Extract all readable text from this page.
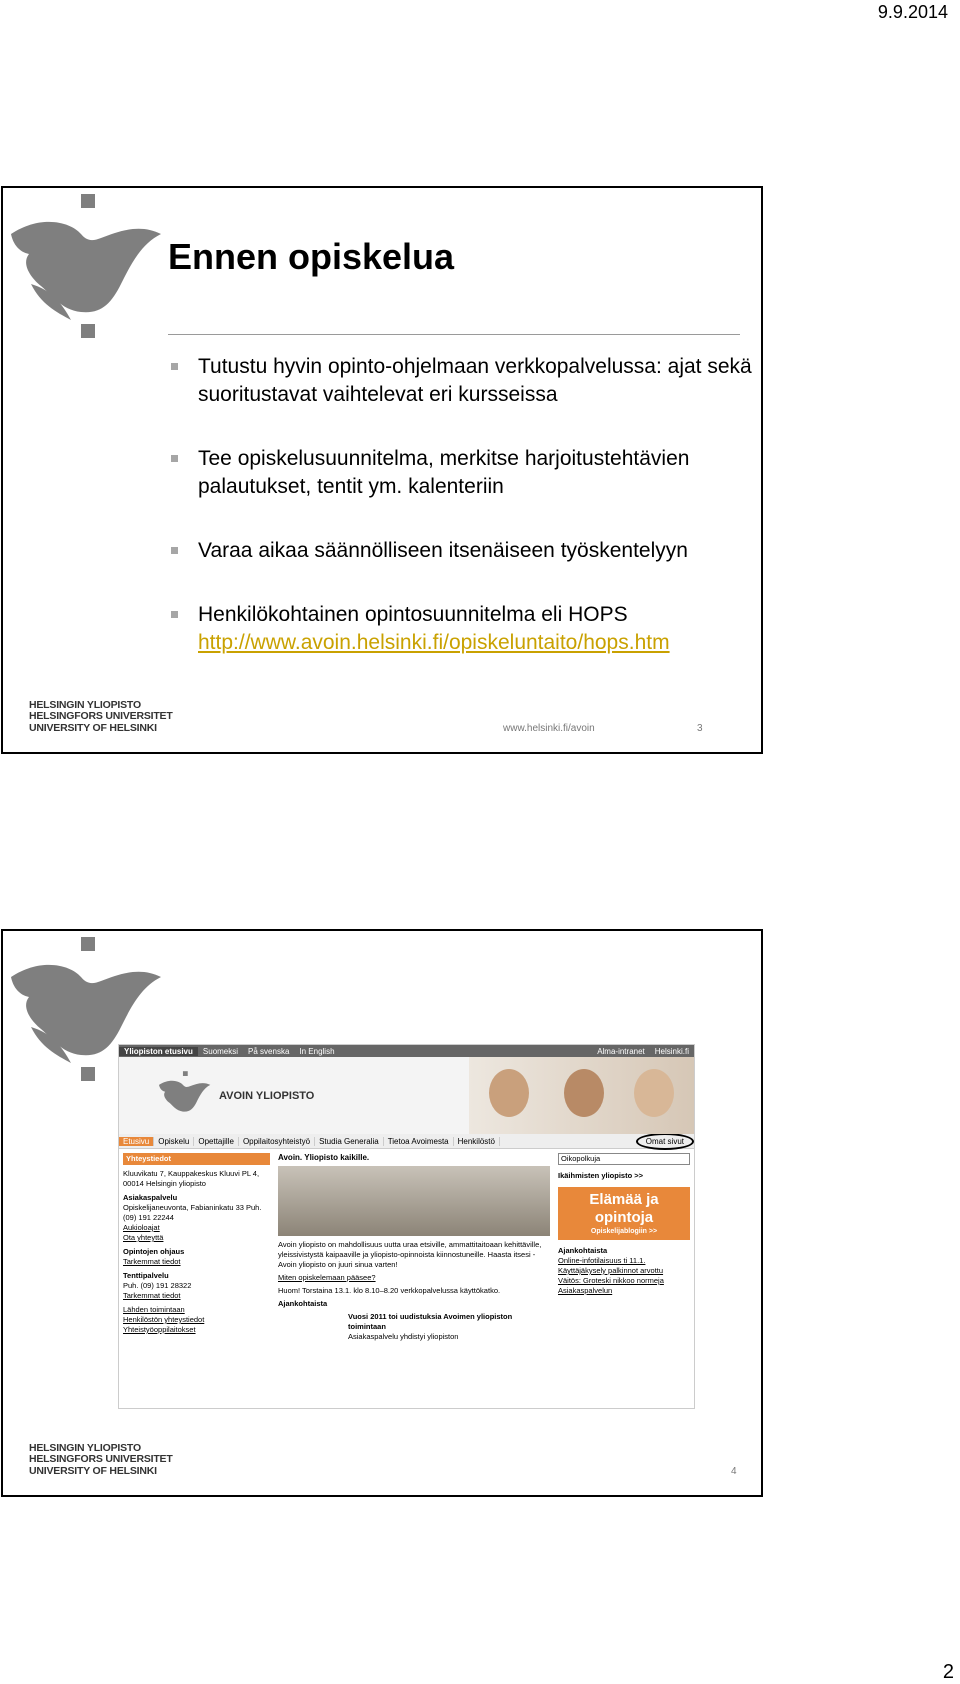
9.9.2014
Ennen opiskelua
Tutustu hyvin opinto-ohjelmaan verkkopalvelussa: ajat sekä suoritustavat vaihtelevat eri kursseissa
Tee opiskelusuunnitelma, merkitse harjoitustehtävien palautukset, tentit ym. kalenteriin
Varaa aikaa säännölliseen itsenäiseen työskentelyyn
Henkilökohtainen opintosuunnitelma eli HOPS
http://www.avoin.helsinki.fi/opiskeluntaito/hops.htm
HELSINGIN YLIOPISTO
HELSINGFORS UNIVERSITET
UNIVERSITY OF HELSINKI	www.helsinki.fi/avoin	3
Yliopiston etusivu	Suomeksi	På svenska	In English	Alma-intranet	Helsinki.fi
AVOIN YLIOPISTO
Etusivu	Opiskelu	Opettajille	Oppilaitosyhteistyö	Studia Generalia	Tietoa Avoimesta	Henkilöstö	Omat sivut
Yhteystiedot
Kluuvikatu 7, Kauppakeskus Kluuvi PL 4, 00014 Helsingin yliopisto
Asiakaspalvelu
Opiskelijaneuvonta, Fabianinkatu 33 Puh. (09) 191 22244
Aukioloajat
Ota yhteyttä
Opintojen ohjaus
Tarkemmat tiedot
Tenttipalvelu
Puh. (09) 191 28322
Tarkemmat tiedot
Lähden toimintaan
Henkilöstön yhteystiedot
Yhteistyöoppilaitokset
Avoin. Yliopisto kaikille.
Avoin yliopisto on mahdollisuus uutta uraa etsiville, ammattitaitoaan kehittäville, yleissivistystä kaipaaville ja yliopisto-opinnoista kiinnostuneille. Haasta itsesi - Avoin yliopisto on juuri sinua varten!
Miten opiskelemaan pääsee?
Huom! Torstaina 13.1. klo 8.10–8.20 verkkopalvelussa käyttökatko.
Ajankohtaista
Vuosi 2011 toi uudistuksia Avoimen yliopiston toimintaan
Asiakaspalvelu yhdistyi yliopiston
Oikopolkuja
Ikäihmisten yliopisto >>
Elämää ja opintoja
Opiskelijablogiin >>
Ajankohtaista
Online-infotilaisuus ti 11.1.
Käyttäjäkysely palkinnot arvottu
Väitös: Groteski nikkoo normeja
Asiakaspalvelun
HELSINGIN YLIOPISTO
HELSINGFORS UNIVERSITET
UNIVERSITY OF HELSINKI	4
2
